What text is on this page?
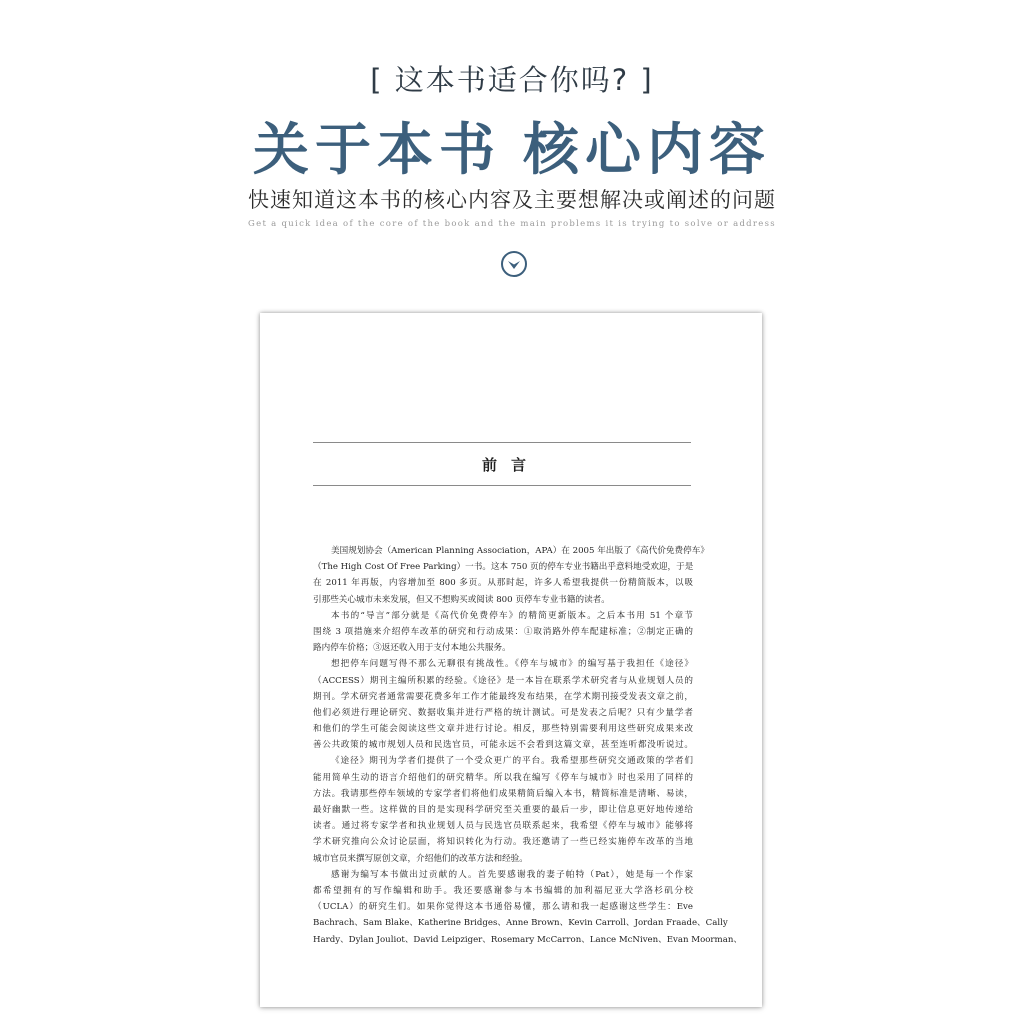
[ 这本书适合你吗? ]
关于本书 核心内容
快速知道这本书的核心内容及主要想解决或阐述的问题
Get a quick idea of the core of the book and the main problems it is trying to solve or address
前言
美国规划协会（American Planning Association，APA）在 2005 年出版了《高代价免费停车》
（The High Cost Of Free Parking）一书。这本 750 页的停车专业书籍出乎意料地受欢迎，于是
在 2011 年再版，内容增加至 800 多页。从那时起，许多人希望我提供一份精简版本，以吸
引那些关心城市未来发展，但又不想购买或阅读 800 页停车专业书籍的读者。
本书的“导言”部分就是《高代价免费停车》的精简更新版本。之后本书用 51 个章节
围绕 3 项措施来介绍停车改革的研究和行动成果：①取消路外停车配建标准；②制定正确的
路内停车价格；③返还收入用于支付本地公共服务。
想把停车问题写得不那么无聊很有挑战性。《停车与城市》的编写基于我担任《途径》
（ACCESS）期刊主编所积累的经验。《途径》是一本旨在联系学术研究者与从业规划人员的
期刊。学术研究者通常需要花费多年工作才能最终发布结果，在学术期刊接受发表文章之前，
他们必须进行理论研究、数据收集并进行严格的统计测试。可是发表之后呢？只有少量学者
和他们的学生可能会阅读这些文章并进行讨论。相反，那些特别需要利用这些研究成果来改
善公共政策的城市规划人员和民选官员，可能永远不会看到这篇文章，甚至连听都没听说过。
《途径》期刊为学者们提供了一个受众更广的平台。我希望那些研究交通政策的学者们
能用简单生动的语言介绍他们的研究精华。所以我在编写《停车与城市》时也采用了同样的
方法。我请那些停车领域的专家学者们将他们成果精简后编入本书，精简标准是清晰、易读，
最好幽默一些。这样做的目的是实现科学研究至关重要的最后一步，即让信息更好地传递给
读者。通过将专家学者和执业规划人员与民选官员联系起来，我希望《停车与城市》能够将
学术研究推向公众讨论层面，将知识转化为行动。我还邀请了一些已经实施停车改革的当地
城市官员来撰写原创文章，介绍他们的改革方法和经验。
感谢为编写本书做出过贡献的人。首先要感谢我的妻子帕特（Pat），她是每一个作家
都希望拥有的写作编辑和助手。我还要感谢参与本书编辑的加利福尼亚大学洛杉矶分校
（UCLA）的研究生们。如果你觉得这本书通俗易懂，那么请和我一起感谢这些学生：Eve
Bachrach、Sam Blake、Katherine Bridges、Anne Brown、Kevin Carroll、Jordan Fraade、Cally
Hardy、Dylan Jouliot、David Leipziger、Rosemary McCarron、Lance McNiven、Evan Moorman、
